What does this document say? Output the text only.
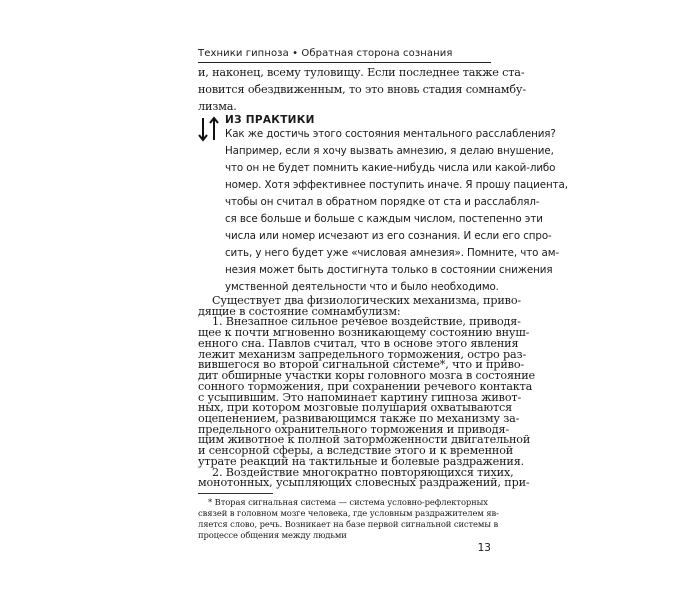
Техники гипноза • Обратная сторона сознания
и, наконец, всему туловищу. Если последнее также ста-
новится обездвиженным, то это вновь стадия сомнамбу-
лизма.
ИЗ ПРАКТИКИ
Как же достичь этого состояния ментального расслабления?
Например, если я хочу вызвать амнезию, я делаю внушение,
что он не будет помнить какие-нибудь числа или какой-либо
номер. Хотя эффективнее поступить иначе. Я прошу пациента,
чтобы он считал в обратном порядке от ста и расслаблял-
ся все больше и больше с каждым числом, постепенно эти
числа или номер исчезают из его сознания. И если его спро-
сить, у него будет уже «числовая амнезия». Помните, что ам-
незия может быть достигнута только в состоянии снижения
умственной деятельности что и было необходимо.
Существует два физиологических механизма, приво-
дящие в состояние сомнамбулизм:
1. Внезапное сильное речевое воздействие, приводя-
щее к почти мгновенно возникающему состоянию внуш-
енного сна. Павлов считал, что в основе этого явления
лежит механизм запредельного торможения, остро раз-
вившегося во второй сигнальной системе*, что и приво-
дит обширные участки коры головного мозга в состояние
сонного торможения, при сохранении речевого контакта
с усыпившим. Это напоминает картину гипноза живот-
ных, при котором мозговые полушария охватываются
оцепенением, развивающимся также по механизму за-
предельного охранительного торможения и приводя-
щим животное к полной заторможенности двигательной
и сенсорной сферы, а вследствие этого и к временной
утрате реакций на тактильные и болевые раздражения.
2. Воздействие многократно повторяющихся тихих,
монотонных, усыпляющих словесных раздражений, при-
* Вторая сигнальная система — система условно-рефлекторных
связей в головном мозге человека, где условным раздражителем яв-
ляется слово, речь. Возникает на базе первой сигнальной системы в
процессе общения между людьми
13
